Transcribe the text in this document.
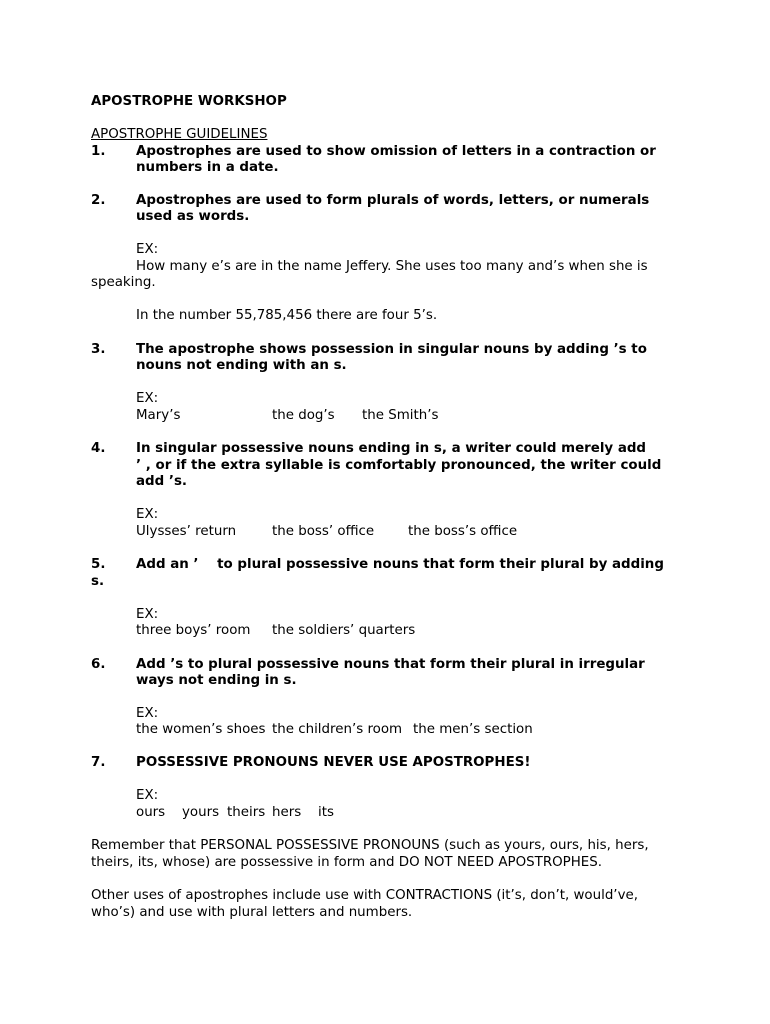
APOSTROPHE WORKSHOP
APOSTROPHE GUIDELINES
1. Apostrophes are used to show omission of letters in a contraction or
numbers in a date.
2. Apostrophes are used to form plurals of words, letters, or numerals
used as words.
EX:
How many e’s are in the name Jeffery. She uses too many and’s when she is
speaking.
In the number 55,785,456 there are four 5’s.
3. The apostrophe shows possession in singular nouns by adding ’s to
nouns not ending with an s.
EX:
Mary’s	the dog’s the Smith’s
4. In singular possessive nouns ending in s, a writer could merely add
’ , or if the extra syllable is comfortably pronounced, the writer could
add ’s.
EX:
Ulysses’ return	the boss’ office	the boss’s office
5. Add an ’    to plural possessive nouns that form their plural by adding
s.
EX:
three boys’ room the soldiers’ quarters
6. Add ’s to plural possessive nouns that form their plural in irregular
ways not ending in s.
EX:
the women’s shoes the children’s room the men’s section
7. POSSESSIVE PRONOUNS NEVER USE APOSTROPHES!
EX:
ours yours theirs hers its
Remember that PERSONAL POSSESSIVE PRONOUNS (such as yours, ours, his, hers,
theirs, its, whose) are possessive in form and DO NOT NEED APOSTROPHES.
Other uses of apostrophes include use with CONTRACTIONS (it’s, don’t, would’ve,
who’s) and use with plural letters and numbers.
